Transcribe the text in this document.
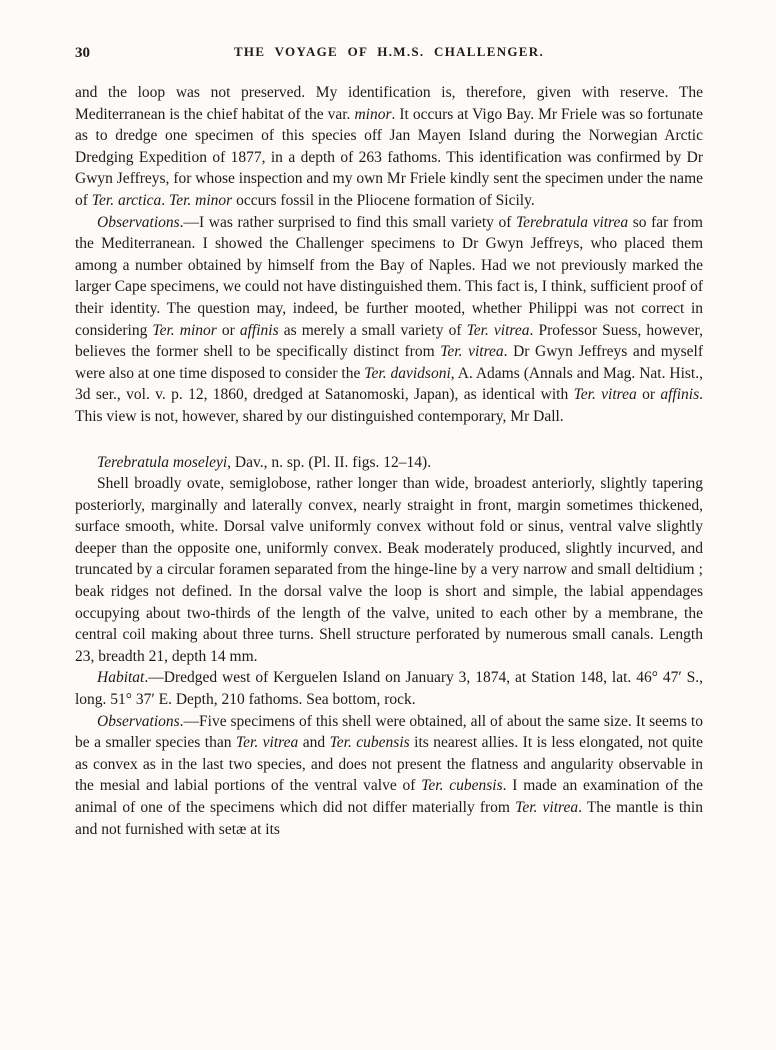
30	THE VOYAGE OF H.M.S. CHALLENGER.

and the loop was not preserved. My identification is, therefore, given with reserve. The Mediterranean is the chief habitat of the var. minor. It occurs at Vigo Bay. Mr Friele was so fortunate as to dredge one specimen of this species off Jan Mayen Island during the Norwegian Arctic Dredging Expedition of 1877, in a depth of 263 fathoms. This identification was confirmed by Dr Gwyn Jeffreys, for whose inspection and my own Mr Friele kindly sent the specimen under the name of Ter. arctica. Ter. minor occurs fossil in the Pliocene formation of Sicily.

Observations.—I was rather surprised to find this small variety of Terebratula vitrea so far from the Mediterranean. I showed the Challenger specimens to Dr Gwyn Jeffreys, who placed them among a number obtained by himself from the Bay of Naples. Had we not previously marked the larger Cape specimens, we could not have distinguished them. This fact is, I think, sufficient proof of their identity. The question may, indeed, be further mooted, whether Philippi was not correct in considering Ter. minor or affinis as merely a small variety of Ter. vitrea. Professor Suess, however, believes the former shell to be specifically distinct from Ter. vitrea. Dr Gwyn Jeffreys and myself were also at one time disposed to consider the Ter. davidsoni, A. Adams (Annals and Mag. Nat. Hist., 3d ser., vol. v. p. 12, 1860, dredged at Satanomoski, Japan), as identical with Ter. vitrea or affinis. This view is not, however, shared by our distinguished contemporary, Mr Dall.

Terebratula moseleyi, Dav., n. sp. (Pl. II. figs. 12–14).

Shell broadly ovate, semiglobose, rather longer than wide, broadest anteriorly, slightly tapering posteriorly, marginally and laterally convex, nearly straight in front, margin sometimes thickened, surface smooth, white. Dorsal valve uniformly convex without fold or sinus, ventral valve slightly deeper than the opposite one, uniformly convex. Beak moderately produced, slightly incurved, and truncated by a circular foramen separated from the hinge-line by a very narrow and small deltidium ; beak ridges not defined. In the dorsal valve the loop is short and simple, the labial appendages occupying about two-thirds of the length of the valve, united to each other by a membrane, the central coil making about three turns. Shell structure perforated by numerous small canals. Length 23, breadth 21, depth 14 mm.

Habitat.—Dredged west of Kerguelen Island on January 3, 1874, at Station 148, lat. 46° 47′ S., long. 51° 37′ E. Depth, 210 fathoms. Sea bottom, rock.

Observations.—Five specimens of this shell were obtained, all of about the same size. It seems to be a smaller species than Ter. vitrea and Ter. cubensis its nearest allies. It is less elongated, not quite as convex as in the last two species, and does not present the flatness and angularity observable in the mesial and labial portions of the ventral valve of Ter. cubensis. I made an examination of the animal of one of the specimens which did not differ materially from Ter. vitrea. The mantle is thin and not furnished with setæ at its
